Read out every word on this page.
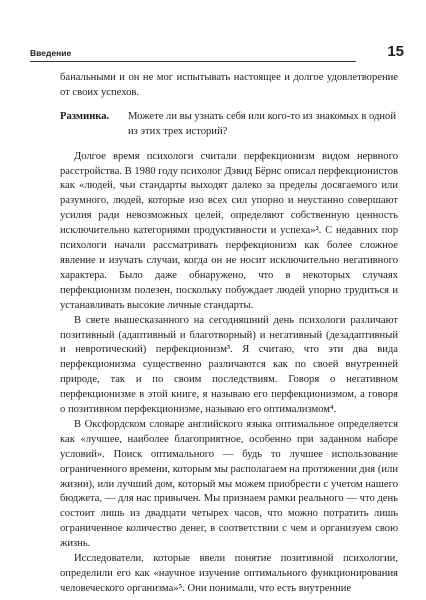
Введение	15

банальными и он не мог испытывать настоящее и долгое удовлетворение от своих успехов.

Разминка.	Можете ли вы узнать себя или кого-то из знакомых в одной из этих трех историй?

Долгое время психологи считали перфекционизм видом нервного расстройства. В 1980 году психолог Дэвид Бёрнс описал перфекционистов как «людей, чьи стандарты выходят далеко за пределы досягаемого или разумного, людей, которые изо всех сил упорно и неустанно совершают усилия ради невозможных целей, определяют собственную ценность исключительно категориями продуктивности и успеха»². С недавних пор психологи начали рассматривать перфекционизм как более сложное явление и изучать случаи, когда он не носит исключительно негативного характера. Было даже обнаружено, что в некоторых случаях перфекционизм полезен, поскольку побуждает людей упорно трудиться и устанавливать высокие личные стандарты.

В свете вышесказанного на сегодняшний день психологи различают позитивный (адаптивный и благотворный) и негативный (дезадаптивный и невротический) перфекционизм³. Я считаю, что эти два вида перфекционизма существенно различаются как по своей внутренней природе, так и по своим последствиям. Говоря о негативном перфекционизме в этой книге, я называю его перфекционизмом, а говоря о позитивном перфекционизме, называю его оптимализмом⁴.

В Оксфордском словаре английского языка оптимальное определяется как «лучшее, наиболее благоприятное, особенно при заданном наборе условий». Поиск оптимального — будь то лучшее использование ограниченного времени, которым мы располагаем на протяжении дня (или жизни), или лучший дом, который мы можем приобрести с учетом нашего бюджета, — для нас привычен. Мы признаем рамки реального — что день состоит лишь из двадцати четырех часов, что можно потратить лишь ограниченное количество денег, в соответствии с чем и организуем свою жизнь.

Исследователи, которые ввели понятие позитивной психологии, определили его как «научное изучение оптимального функционирования человеческого организма»⁵. Они понимали, что есть внутренние
